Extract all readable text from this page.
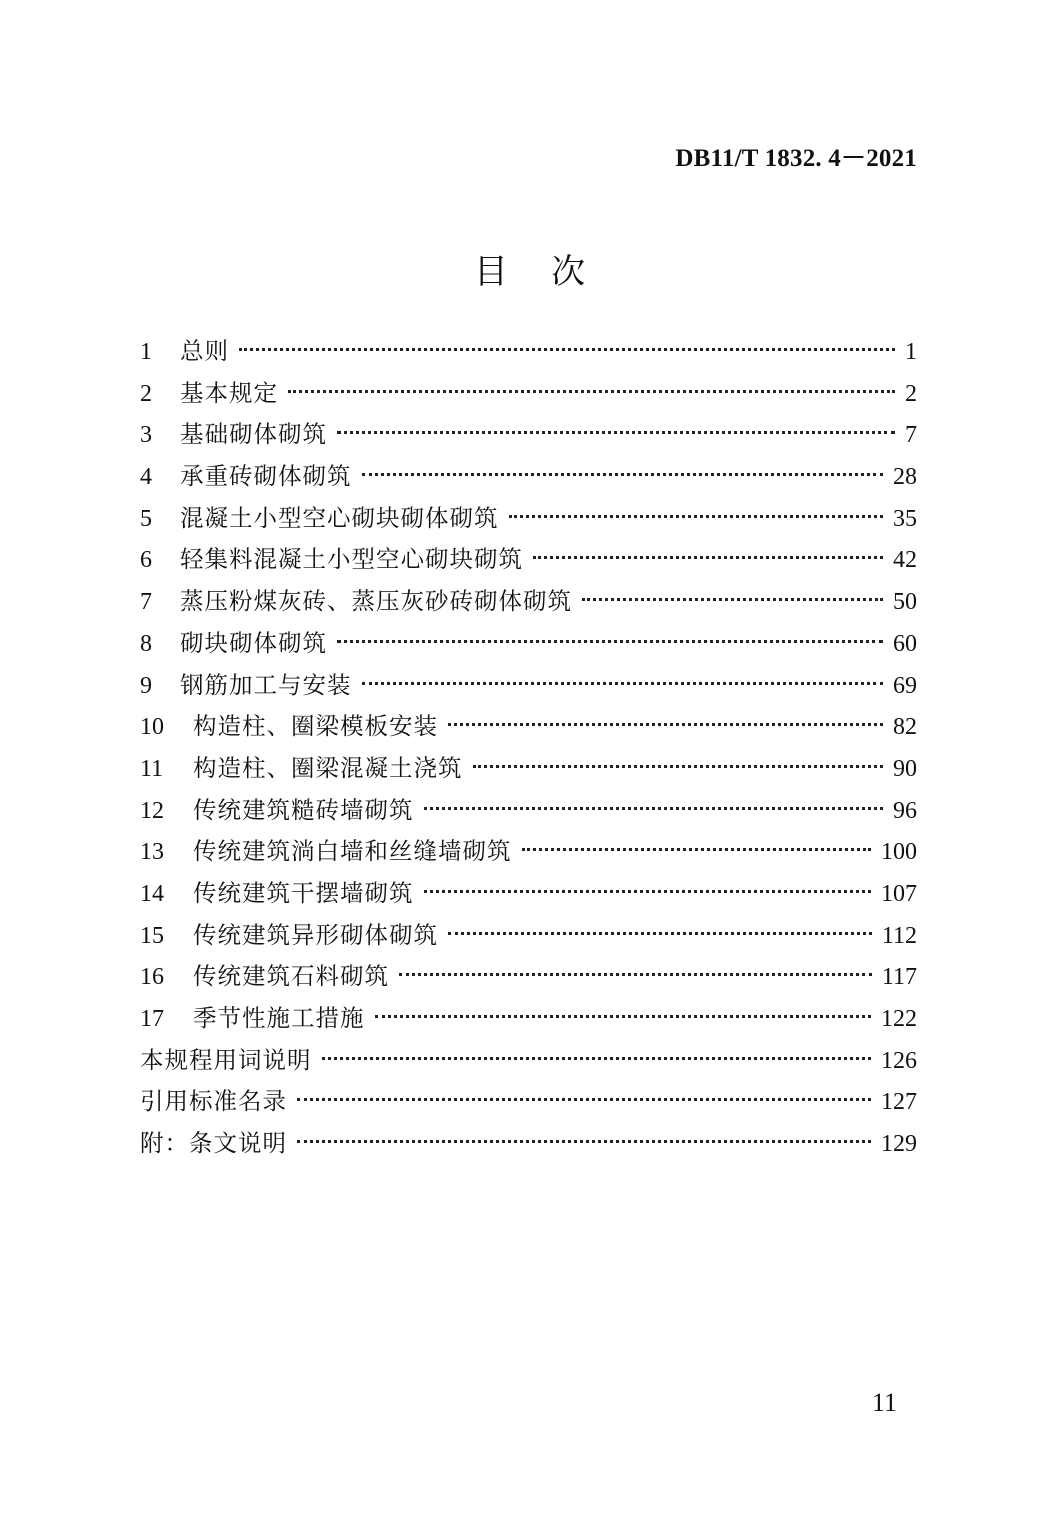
DB11/T 1832. 4－2021
目    次
1	总则	1
2	基本规定	2
3	基础砌体砌筑	7
4	承重砖砌体砌筑	28
5	混凝土小型空心砌块砌体砌筑	35
6	轻集料混凝土小型空心砌块砌筑	42
7	蒸压粉煤灰砖、蒸压灰砂砖砌体砌筑	50
8	砌块砌体砌筑	60
9	钢筋加工与安装	69
10	构造柱、圈梁模板安装	82
11	构造柱、圈梁混凝土浇筑	90
12	传统建筑糙砖墙砌筑	96
13	传统建筑淌白墙和丝缝墙砌筑	100
14	传统建筑干摆墙砌筑	107
15	传统建筑异形砌体砌筑	112
16	传统建筑石料砌筑	117
17	季节性施工措施	122
本规程用词说明	126
引用标准名录	127
附：条文说明	129
11
